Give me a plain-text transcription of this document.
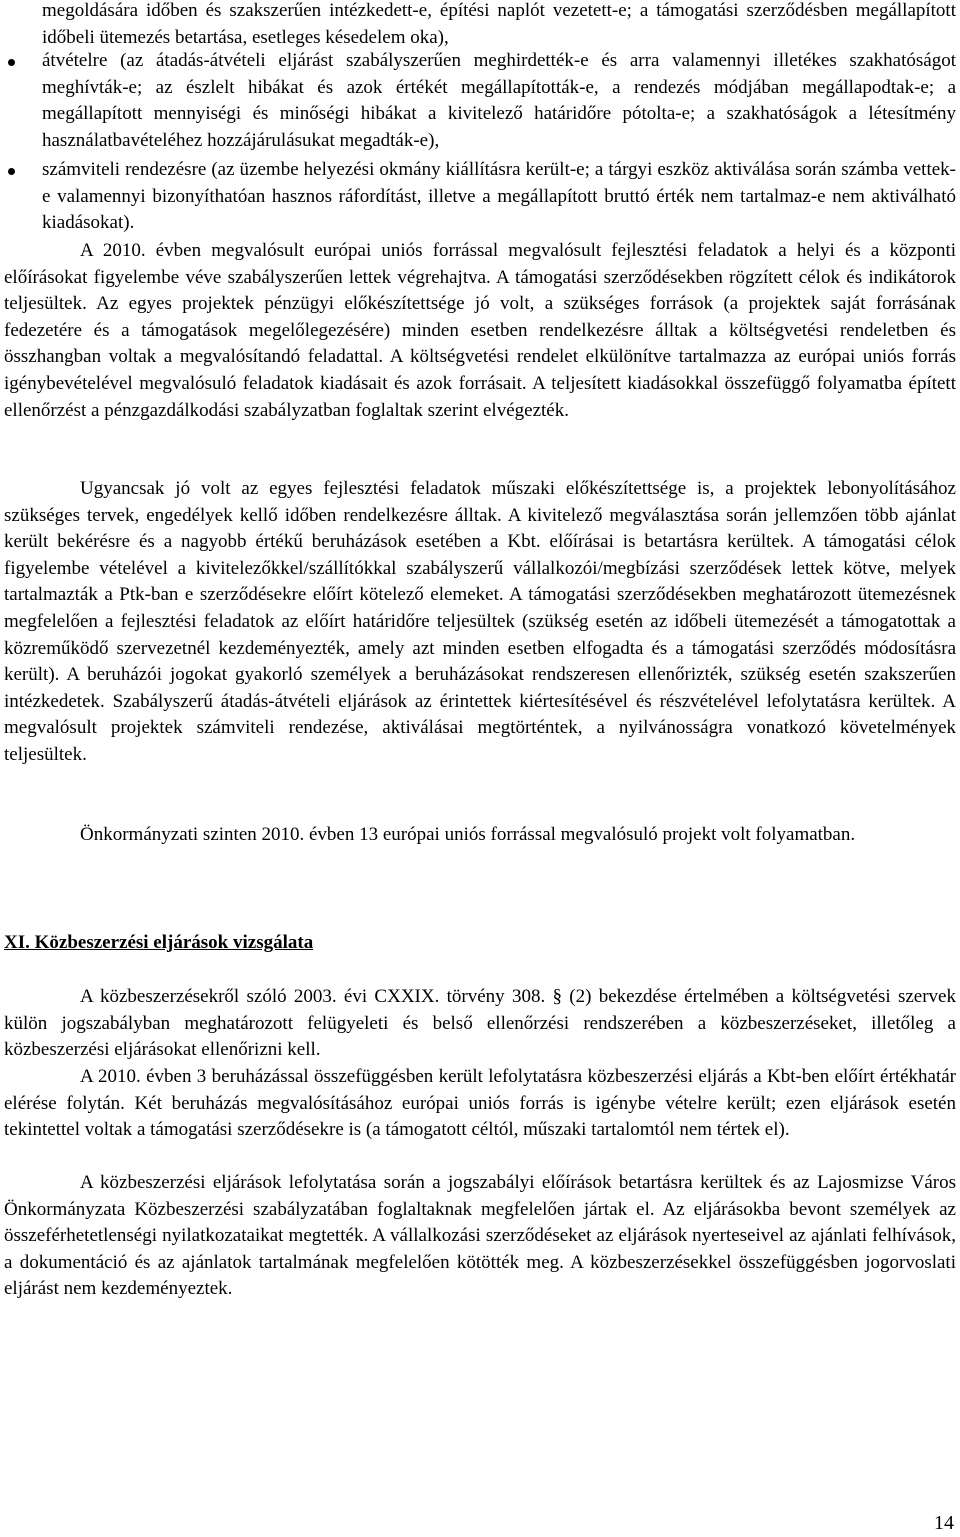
megoldására időben és szakszerűen intézkedett-e, építési naplót vezetett-e; a támogatási szerződésben megállapított időbeli ütemezés betartása, esetleges késedelem oka),

átvételre (az átadás-átvételi eljárást szabályszerűen meghirdették-e és arra valamennyi illetékes szakhatóságot meghívták-e; az észlelt hibákat és azok értékét megállapították-e, a rendezés módjában megállapodtak-e; a megállapított mennyiségi és minőségi hibákat a kivitelező határidőre pótolta-e; a szakhatóságok a létesítmény használatbavételéhez hozzájárulásukat megadták-e),
számviteli rendezésre (az üzembe helyezési okmány kiállításra került-e; a tárgyi eszköz aktiválása során számba vettek-e valamennyi bizonyíthatóan hasznos ráfordítást, illetve a megállapított bruttó érték nem tartalmaz-e nem aktiválható kiadásokat).

A 2010. évben megvalósult európai uniós forrással megvalósult fejlesztési feladatok a helyi és a központi előírásokat figyelembe véve szabályszerűen lettek végrehajtva. A támogatási szerződésekben rögzített célok és indikátorok teljesültek. Az egyes projektek pénzügyi előkészítettsége jó volt, a szükséges források (a projektek saját forrásának fedezetére és a támogatások megelőlegezésére) minden esetben rendelkezésre álltak a költségvetési rendeletben és összhangban voltak a megvalósítandó feladattal. A költségvetési rendelet elkülönítve tartalmazza az európai uniós forrás igénybevételével megvalósuló feladatok kiadásait és azok forrásait. A teljesített kiadásokkal összefüggő folyamatba épített ellenőrzést a pénzgazdálkodási szabályzatban foglaltak szerint elvégezték.

Ugyancsak jó volt az egyes fejlesztési feladatok műszaki előkészítettsége is, a projektek lebonyolításához szükséges tervek, engedélyek kellő időben rendelkezésre álltak. A kivitelező megválasztása során jellemzően több ajánlat került bekérésre és a nagyobb értékű beruházások esetében a Kbt. előírásai is betartásra kerültek. A támogatási célok figyelembe vételével a kivitelezőkkel/szállítókkal szabályszerű vállalkozói/megbízási szerződések lettek kötve, melyek tartalmazták a Ptk-ban e szerződésekre előírt kötelező elemeket. A támogatási szerződésekben meghatározott ütemezésnek megfelelően a fejlesztési feladatok az előírt határidőre teljesültek (szükség esetén az időbeli ütemezését a támogatottak a közreműködő szervezetnél kezdeményezték, amely azt minden esetben elfogadta és a támogatási szerződés módosításra került). A beruházói jogokat gyakorló személyek a beruházásokat rendszeresen ellenőrizték, szükség esetén szakszerűen intézkedetek. Szabályszerű átadás-átvételi eljárások az érintettek kiértesítésével és részvételével lefolytatásra kerültek. A megvalósult projektek számviteli rendezése, aktiválásai megtörténtek, a nyilvánosságra vonatkozó követelmények teljesültek.

Önkormányzati szinten 2010. évben 13 európai uniós forrással megvalósuló projekt volt folyamatban.

XI. Közbeszerzési eljárások vizsgálata

A közbeszerzésekről szóló 2003. évi CXXIX. törvény 308. § (2) bekezdése értelmében a költségvetési szervek külön jogszabályban meghatározott felügyeleti és belső ellenőrzési rendszerében a közbeszerzéseket, illetőleg a közbeszerzési eljárásokat ellenőrizni kell.

A 2010. évben 3 beruházással összefüggésben került lefolytatásra közbeszerzési eljárás a Kbt-ben előírt értékhatár elérése folytán. Két beruházás megvalósításához európai uniós forrás is igénybe vételre került; ezen eljárások esetén tekintettel voltak a támogatási szerződésekre is (a támogatott céltól, műszaki tartalomtól nem tértek el).

A közbeszerzési eljárások lefolytatása során a jogszabályi előírások betartásra kerültek és az Lajosmizse Város Önkormányzata Közbeszerzési szabályzatában foglaltaknak megfelelően jártak el. Az eljárásokba bevont személyek az összeférhetetlenségi nyilatkozataikat megtették. A vállalkozási szerződéseket az eljárások nyerteseivel az ajánlati felhívások, a dokumentáció és az ajánlatok tartalmának megfelelően kötötték meg. A közbeszerzésekkel összefüggésben jogorvoslati eljárást nem kezdeményeztek.

14
